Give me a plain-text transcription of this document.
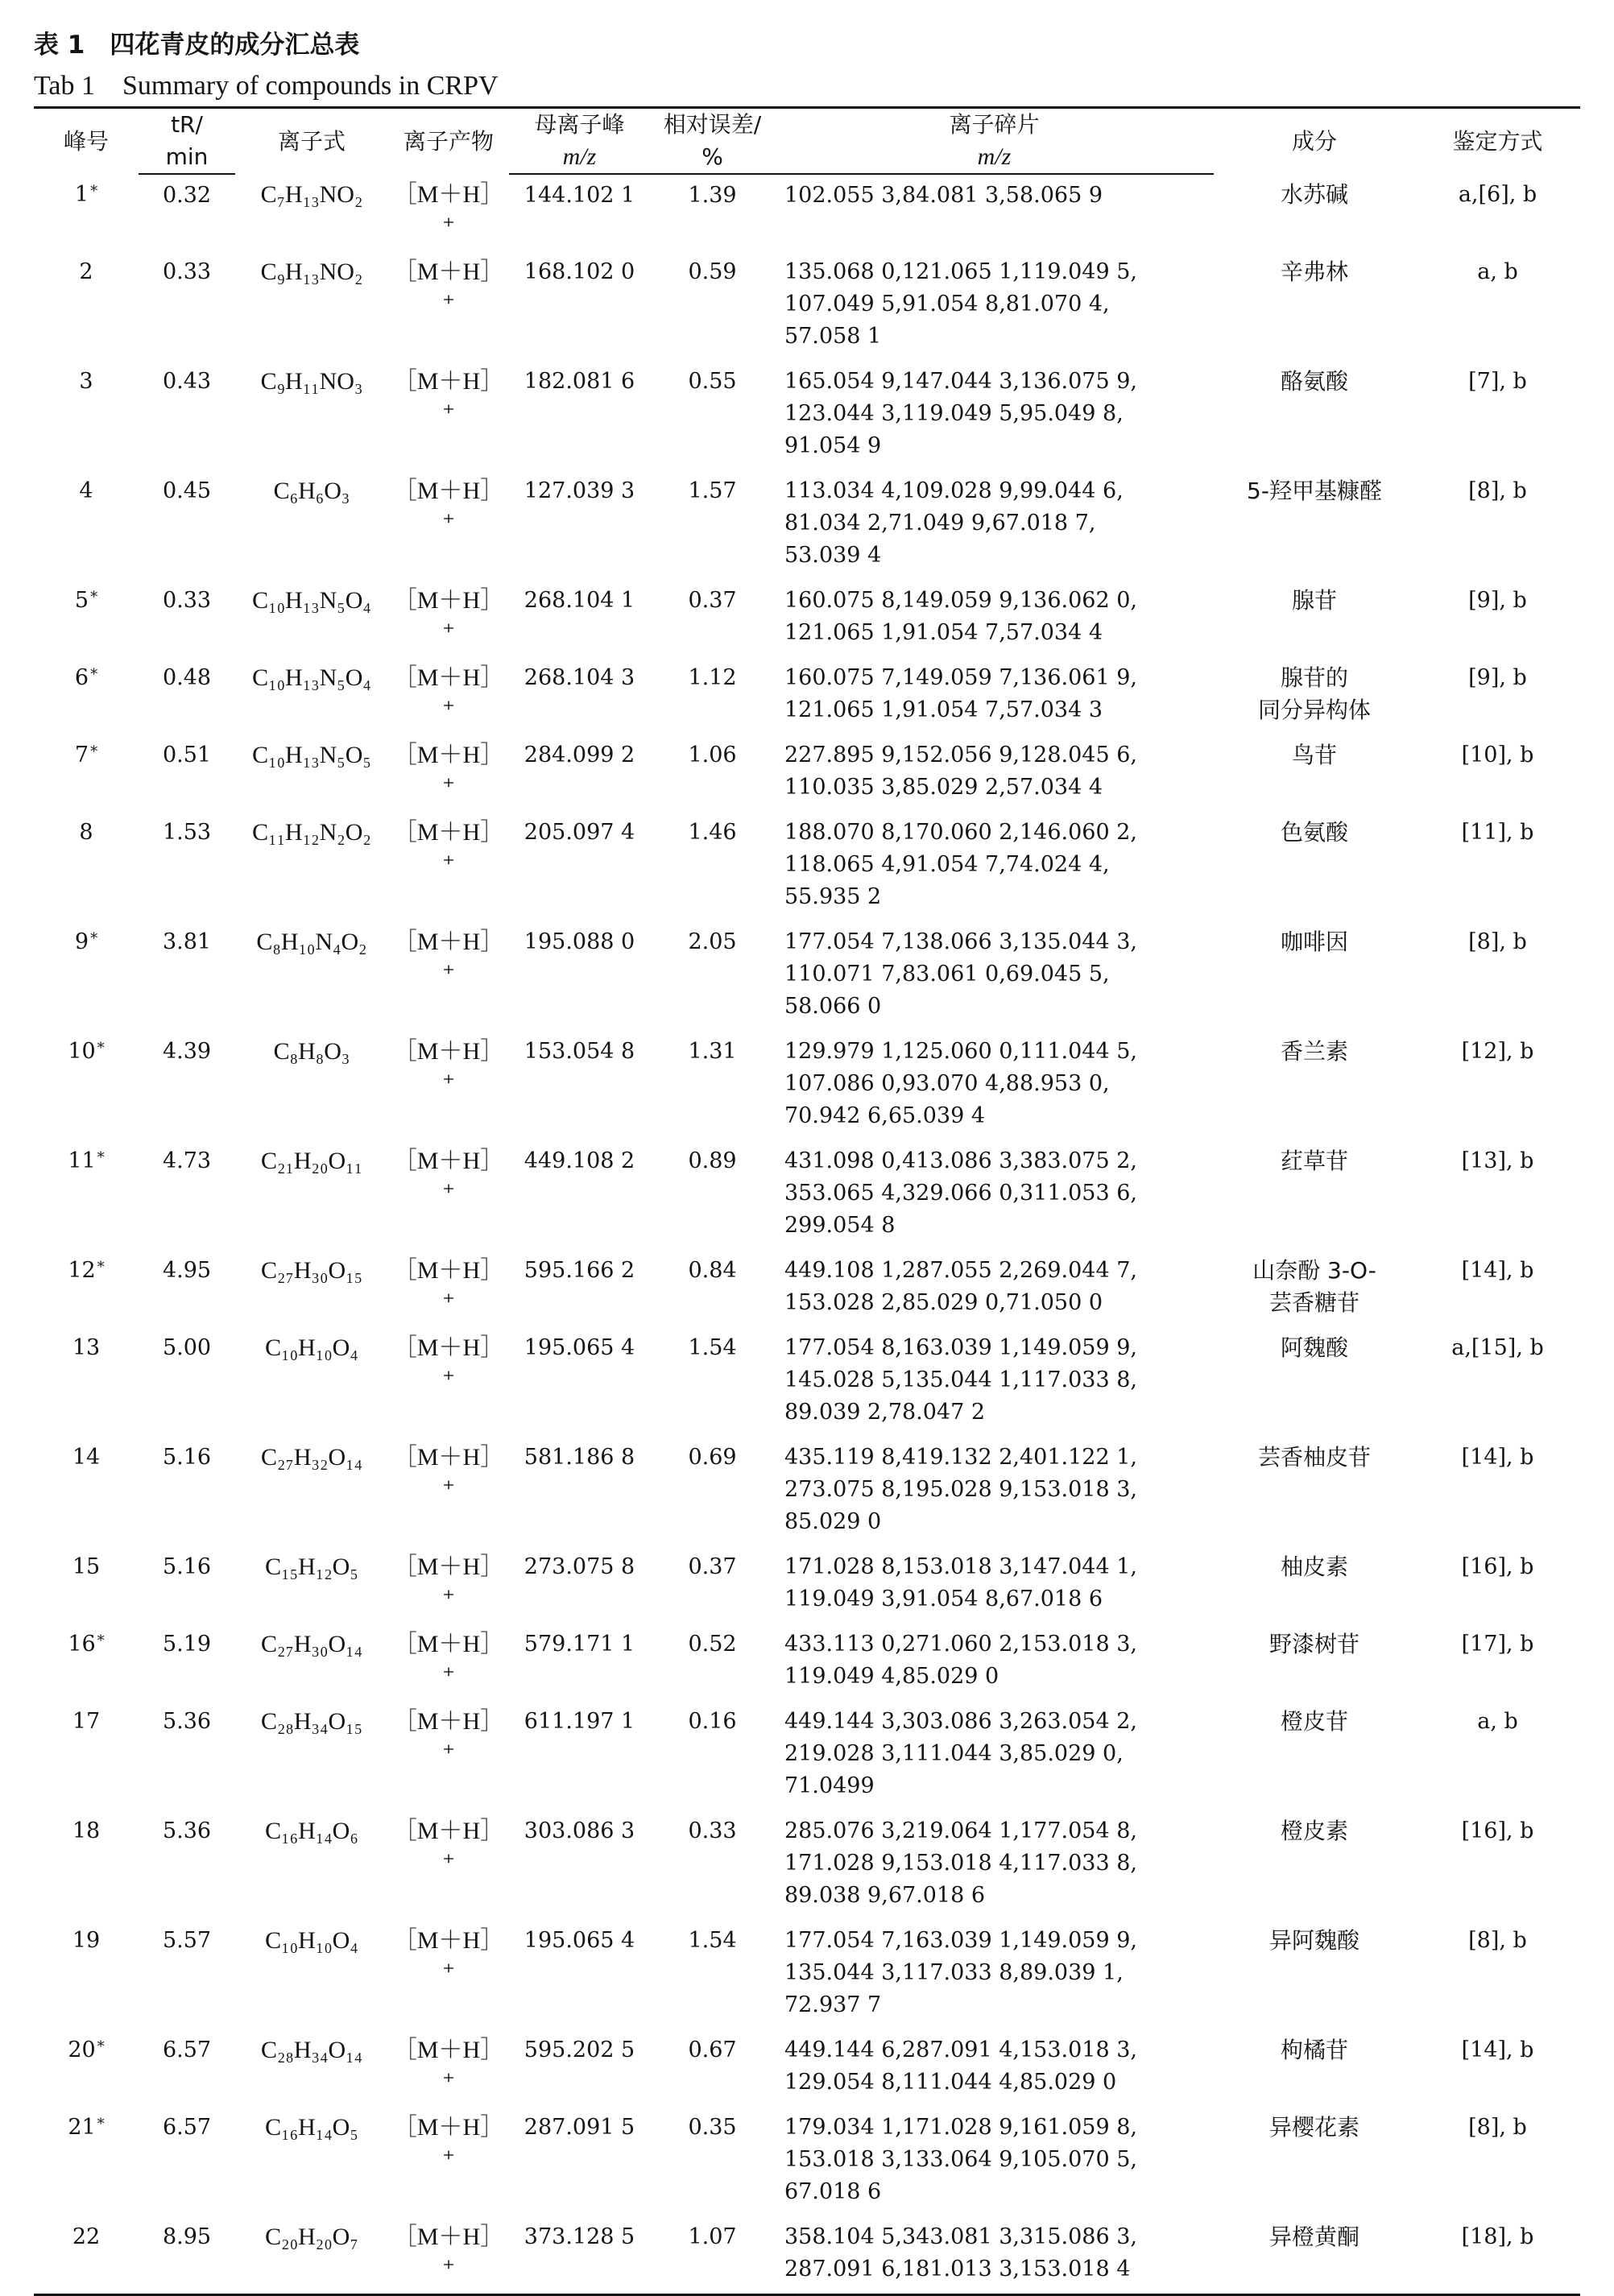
表 1　四花青皮的成分汇总表
Tab 1　Summary of compounds in CRPV
峰号	tR/	离子式	离子产物	母离子峰	相对误差/	离子碎片	成分	鉴定方式
	min			m/z	%	m/z		
1 *	0.32	C₇H₁₃NO₂	［M＋H］⁺	144.102 1	1.39	102.055 3,84.081 3,58.065 9	水苏碱	a,[6], b
2	0.33	C₉H₁₃NO₂	［M＋H］⁺	168.102 0	0.59	135.068 0,121.065 1,119.049 5,
107.049 5,91.054 8,81.070 4,
57.058 1	辛弗林	a, b
3	0.43	C₉H₁₁NO₃	［M＋H］⁺	182.081 6	0.55	165.054 9,147.044 3,136.075 9,
123.044 3,119.049 5,95.049 8,
91.054 9	酪氨酸	[7], b
4	0.45	C₆H₆O₃	［M＋H］⁺	127.039 3	1.57	113.034 4,109.028 9,99.044 6,
81.034 2,71.049 9,67.018 7,
53.039 4	5-羟甲基糠醛	[8], b
5 *	0.33	C₁₀H₁₃N₅O₄	［M＋H］⁺	268.104 1	0.37	160.075 8,149.059 9,136.062 0,
121.065 1,91.054 7,57.034 4	腺苷	[9], b
6 *	0.48	C₁₀H₁₃N₅O₄	［M＋H］⁺	268.104 3	1.12	160.075 7,149.059 7,136.061 9,
121.065 1,91.054 7,57.034 3	腺苷的
同分异构体	[9], b
7 *	0.51	C₁₀H₁₃N₅O₅	［M＋H］⁺	284.099 2	1.06	227.895 9,152.056 9,128.045 6,
110.035 3,85.029 2,57.034 4	鸟苷	[10], b
8	1.53	C₁₁H₁₂N₂O₂	［M＋H］⁺	205.097 4	1.46	188.070 8,170.060 2,146.060 2,
118.065 4,91.054 7,74.024 4,
55.935 2	色氨酸	[11], b
9 *	3.81	C₈H₁₀N₄O₂	［M＋H］⁺	195.088 0	2.05	177.054 7,138.066 3,135.044 3,
110.071 7,83.061 0,69.045 5,
58.066 0	咖啡因	[8], b
10 *	4.39	C₈H₈O₃	［M＋H］⁺	153.054 8	1.31	129.979 1,125.060 0,111.044 5,
107.086 0,93.070 4,88.953 0,
70.942 6,65.039 4	香兰素	[12], b
11 *	4.73	C₂₁H₂₀O₁₁	［M＋H］⁺	449.108 2	0.89	431.098 0,413.086 3,383.075 2,
353.065 4,329.066 0,311.053 6,
299.054 8	荭草苷	[13], b
12 *	4.95	C₂₇H₃₀O₁₅	［M＋H］⁺	595.166 2	0.84	449.108 1,287.055 2,269.044 7,
153.028 2,85.029 0,71.050 0	山奈酚 3-O-
芸香糖苷	[14], b
13	5.00	C₁₀H₁₀O₄	［M＋H］⁺	195.065 4	1.54	177.054 8,163.039 1,149.059 9,
145.028 5,135.044 1,117.033 8,
89.039 2,78.047 2	阿魏酸	a,[15], b
14	5.16	C₂₇H₃₂O₁₄	［M＋H］⁺	581.186 8	0.69	435.119 8,419.132 2,401.122 1,
273.075 8,195.028 9,153.018 3,
85.029 0	芸香柚皮苷	[14], b
15	5.16	C₁₅H₁₂O₅	［M＋H］⁺	273.075 8	0.37	171.028 8,153.018 3,147.044 1,
119.049 3,91.054 8,67.018 6	柚皮素	[16], b
16 *	5.19	C₂₇H₃₀O₁₄	［M＋H］⁺	579.171 1	0.52	433.113 0,271.060 2,153.018 3,
119.049 4,85.029 0	野漆树苷	[17], b
17	5.36	C₂₈H₃₄O₁₅	［M＋H］⁺	611.197 1	0.16	449.144 3,303.086 3,263.054 2,
219.028 3,111.044 3,85.029 0,
71.0499	橙皮苷	a, b
18	5.36	C₁₆H₁₄O₆	［M＋H］⁺	303.086 3	0.33	285.076 3,219.064 1,177.054 8,
171.028 9,153.018 4,117.033 8,
89.038 9,67.018 6	橙皮素	[16], b
19	5.57	C₁₀H₁₀O₄	［M＋H］⁺	195.065 4	1.54	177.054 7,163.039 1,149.059 9,
135.044 3,117.033 8,89.039 1,
72.937 7	异阿魏酸	[8], b
20 *	6.57	C₂₈H₃₄O₁₄	［M＋H］⁺	595.202 5	0.67	449.144 6,287.091 4,153.018 3,
129.054 8,111.044 4,85.029 0	枸橘苷	[14], b
21 *	6.57	C₁₆H₁₄O₅	［M＋H］⁺	287.091 5	0.35	179.034 1,171.028 9,161.059 8,
153.018 3,133.064 9,105.070 5,
67.018 6	异樱花素	[8], b
22	8.95	C₂₀H₂₀O₇	［M＋H］⁺	373.128 5	1.07	358.104 5,343.081 3,315.086 3,
287.091 6,181.013 3,153.018 4	异橙黄酮	[18], b
